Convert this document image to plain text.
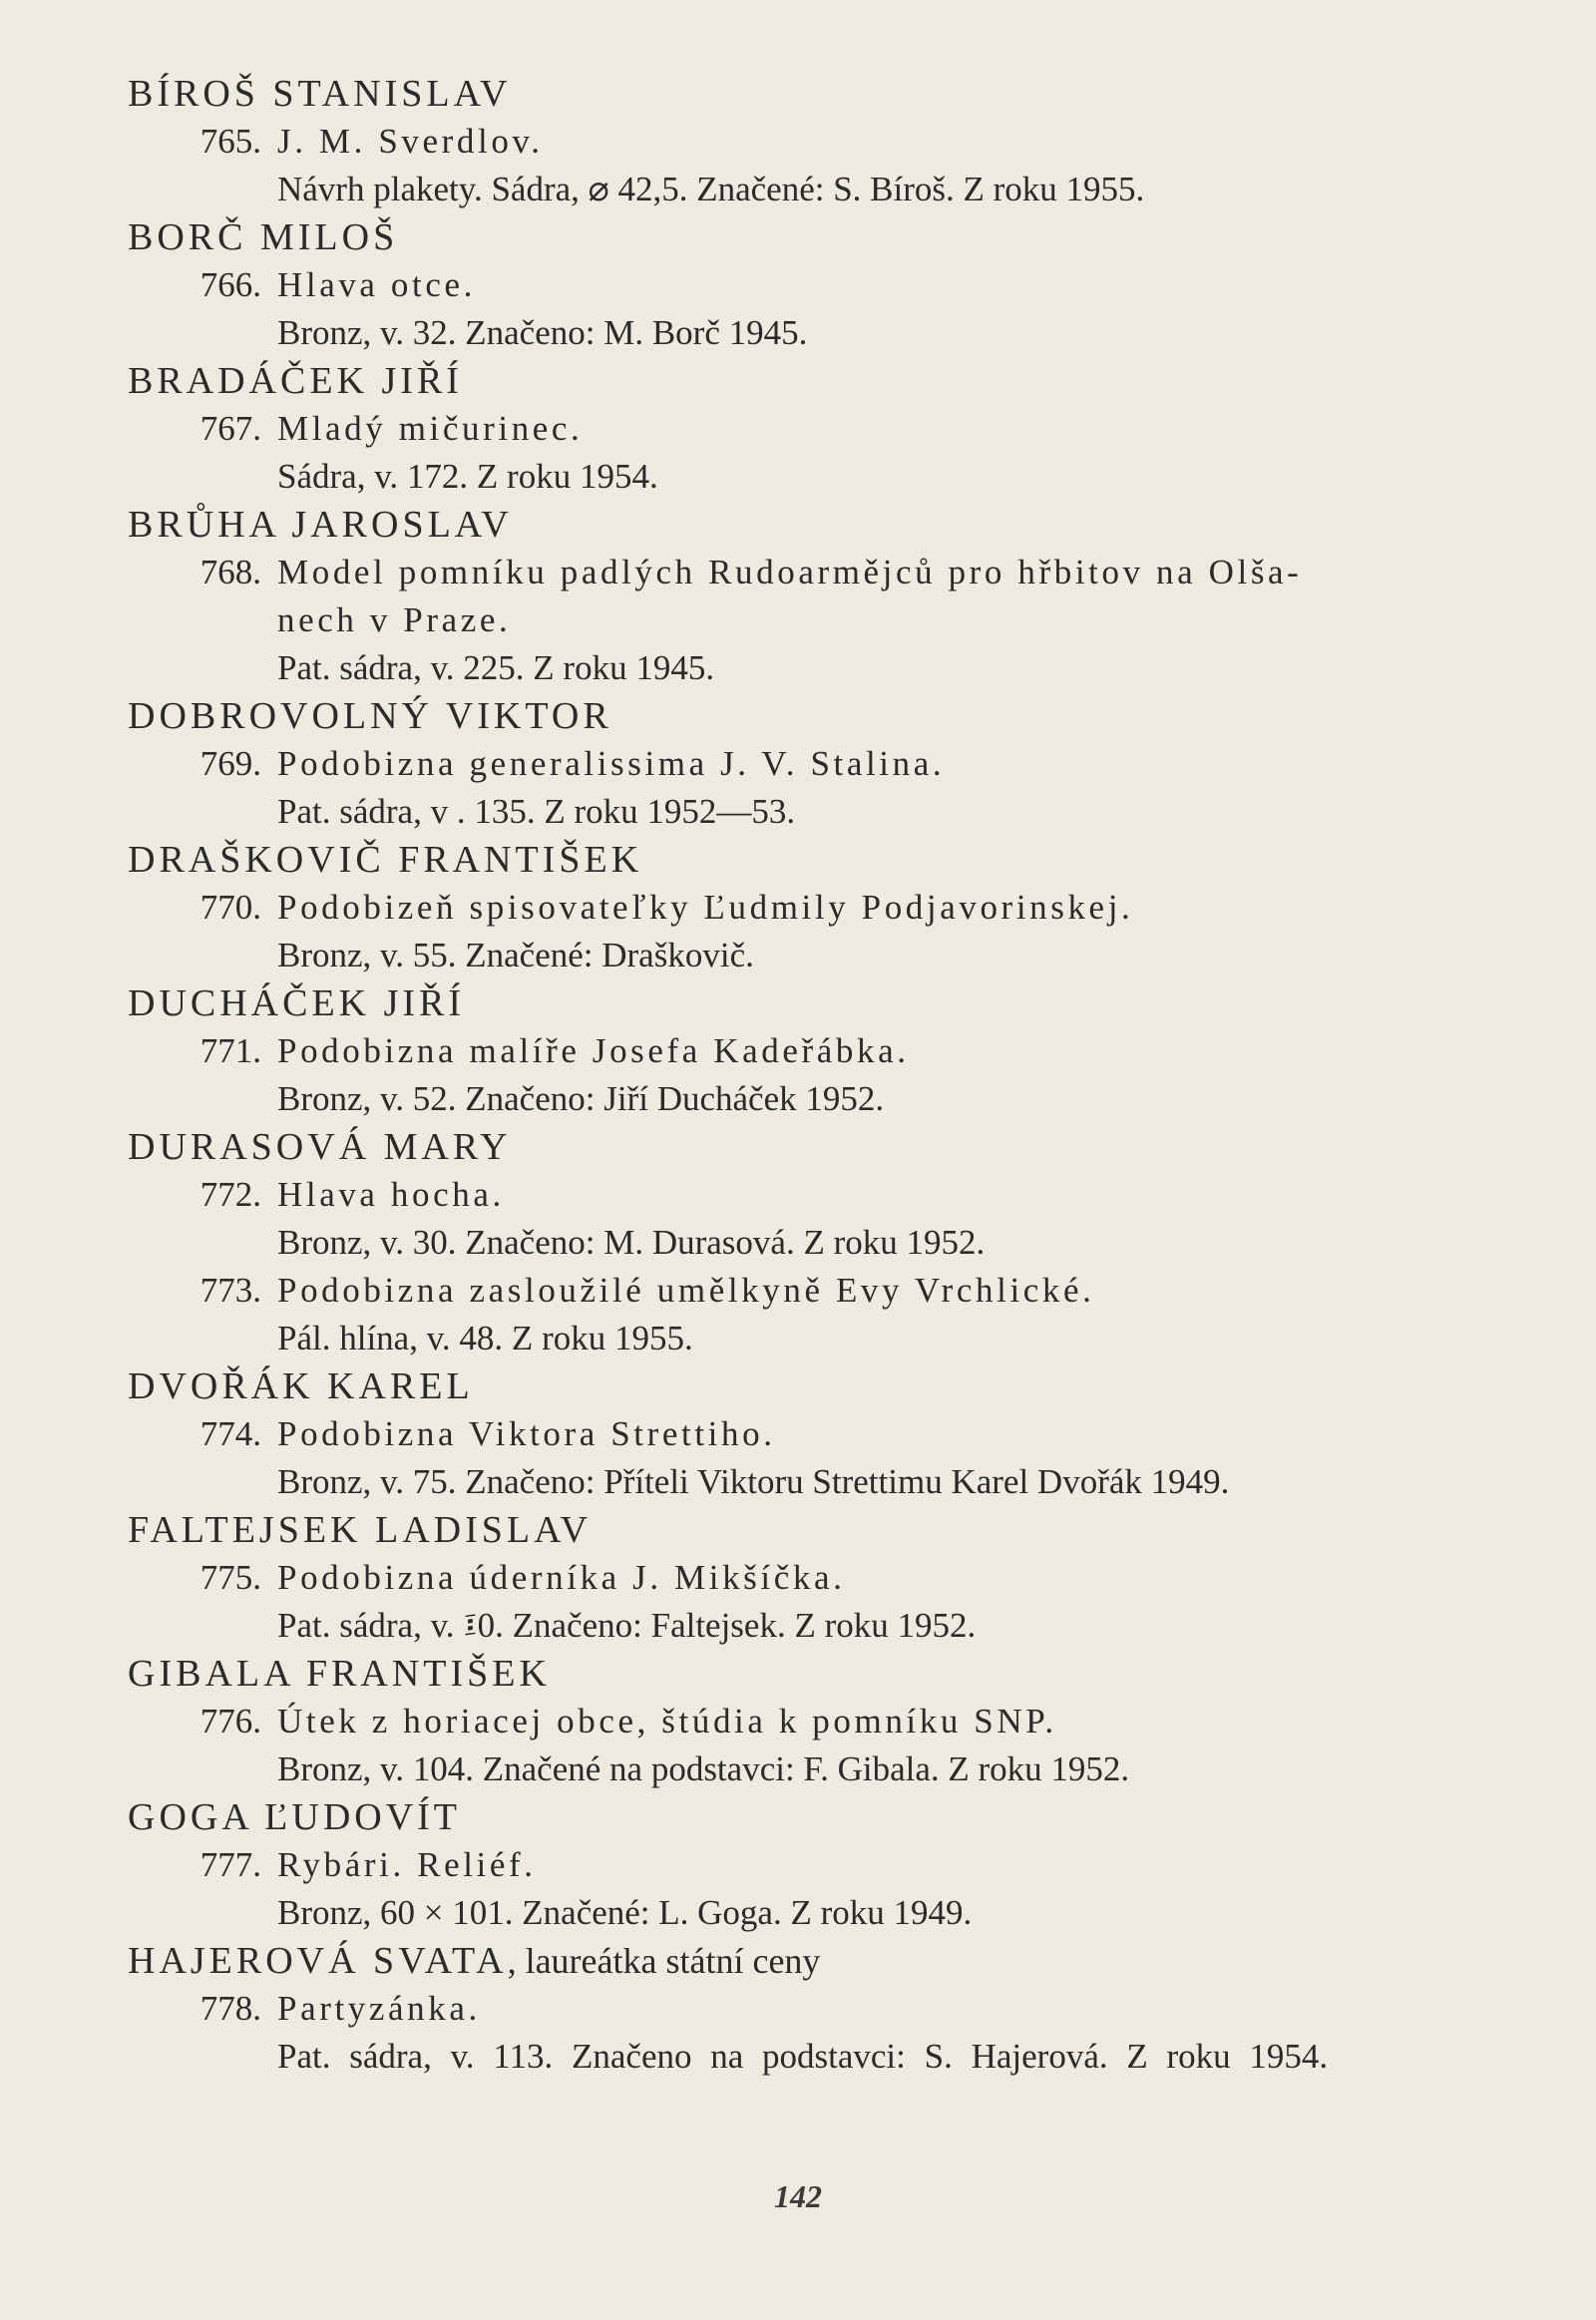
BÍROŠ STANISLAV
765. J. M. Sverdlov.
Návrh plakety. Sádra, ⌀ 42,5. Značené: S. Bíroš. Z roku 1955.
BORČ MILOŠ
766. Hlava otce.
Bronz, v. 32. Značeno: M. Borč 1945.
BRADÁČEK JIŘÍ
767. Mladý mičurinec.
Sádra, v. 172. Z roku 1954.
BRŮHA JAROSLAV
768. Model pomníku padlých Rudoarmějců pro hřbitov na Olša-
nech v Praze.
Pat. sádra, v. 225. Z roku 1945.
DOBROVOLNÝ VIKTOR
769. Podobizna generalissima J. V. Stalina.
Pat. sádra, v . 135. Z roku 1952—53.
DRAŠKOVIČ FRANTIŠEK
770. Podobizeň spisovateľky Ľudmily Podjavorinskej.
Bronz, v. 55. Značené: Draškovič.
DUCHÁČEK JIŘÍ
771. Podobizna malíře Josefa Kadeřábka.
Bronz, v. 52. Značeno: Jiří Ducháček 1952.
DURASOVÁ MARY
772. Hlava hocha.
Bronz, v. 30. Značeno: M. Durasová. Z roku 1952.
773. Podobizna zasloužilé umělkyně Evy Vrchlické.
Pál. hlína, v. 48. Z roku 1955.
DVOŘÁK KAREL
774. Podobizna Viktora Strettiho.
Bronz, v. 75. Značeno: Příteli Viktoru Strettimu Karel Dvořák 1949.
FALTEJSEK LADISLAV
775. Podobizna úderníka J. Mikšíčka.
Pat. sádra, v. ፤0. Značeno: Faltejsek. Z roku 1952.
GIBALA FRANTIŠEK
776. Útek z horiacej obce, štúdia k pomníku SNP.
Bronz, v. 104. Značené na podstavci: F. Gibala. Z roku 1952.
GOGA ĽUDOVÍT
777. Rybári. Reliéf.
Bronz, 60 × 101. Značené: L. Goga. Z roku 1949.
HAJEROVÁ SVATA, laureátka státní ceny
778. Partyzánka.
Pat. sádra, v. 113. Značeno na podstavci: S. Hajerová. Z roku 1954.
142
